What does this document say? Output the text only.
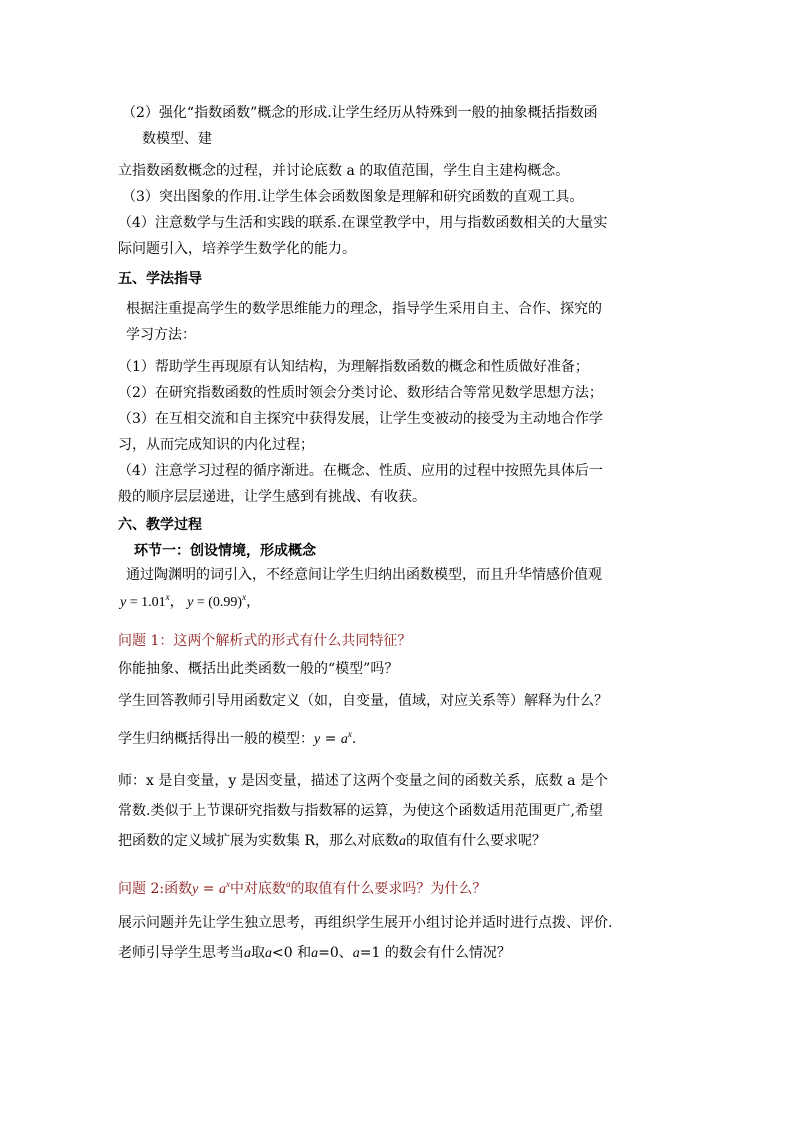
（2）强化“指数函数”概念的形成.让学生经历从特殊到一般的抽象概括指数函
数模型、建
立指数函数概念的过程，并讨论底数 a 的取值范围，学生自主建构概念。
（3）突出图象的作用.让学生体会函数图象是理解和研究函数的直观工具。
（4）注意数学与生活和实践的联系.在课堂教学中，用与指数函数相关的大量实
际问题引入，培养学生数学化的能力。
五、学法指导
根据注重提高学生的数学思维能力的理念，指导学生采用自主、合作、探究的
学习方法：
（1）帮助学生再现原有认知结构，为理解指数函数的概念和性质做好准备；
（2）在研究指数函数的性质时领会分类讨论、数形结合等常见数学思想方法；
（3）在互相交流和自主探究中获得发展，让学生变被动的接受为主动地合作学
习，从而完成知识的内化过程；
（4）注意学习过程的循序渐进。在概念、性质、应用的过程中按照先具体后一
般的顺序层层递进，让学生感到有挑战、有收获。
六、教学过程
环节一：创设情境，形成概念
通过陶渊明的词引入，不经意间让学生归纳出函数模型，而且升华情感价值观
$y = 1.01^x$， $y = (0.99)^x$，
问题 1：这两个解析式的形式有什么共同特征？
你能抽象、概括出此类函数一般的“模型”吗？
学生回答教师引导用函数定义（如，自变量，值域，对应关系等）解释为什么？
学生归纳概括得出一般的模型：$y = a^x$.
师：x 是自变量，y 是因变量，描述了这两个变量之间的函数关系，底数 a 是个
常数.类似于上节课研究指数与指数幂的运算，为使这个函数适用范围更广,希望
把函数的定义域扩展为实数集 R，那么对底数a的取值有什么要求呢？
问题 2:函数$y = a^x$中对底数$^a$的取值有什么要求吗？为什么？
展示问题并先让学生独立思考，再组织学生展开小组讨论并适时进行点拨、评价.
老师引导学生思考当a取a<0 和a=0、a=1 的数会有什么情况？
